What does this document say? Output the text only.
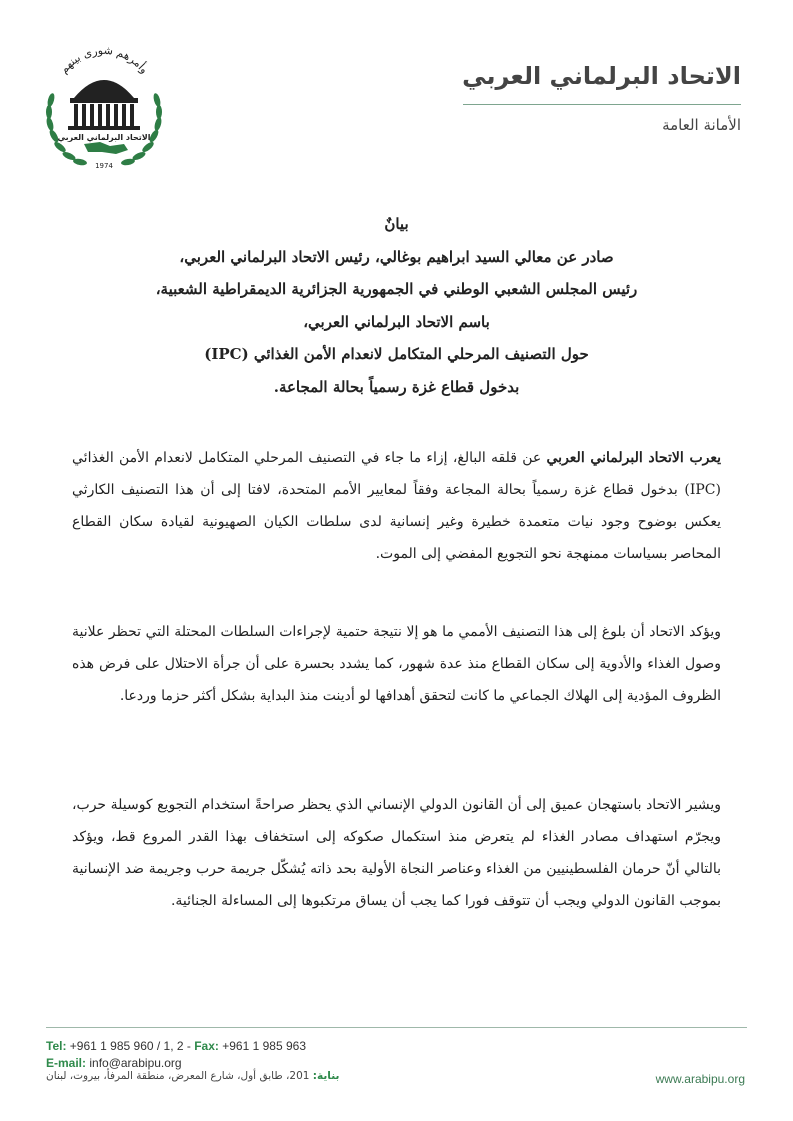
وأمرهم شورى بينهم
الاتحاد البرلماني العربي
1974
الاتحاد البرلماني العربي
الأمانة العامة
بيانٌ
صادر عن معالي السيد ابراهيم بوغالي، رئيس الاتحاد البرلماني العربي،
رئيس المجلس الشعبي الوطني في الجمهورية الجزائرية الديمقراطية الشعبية،
باسم الاتحاد البرلماني العربي،
حول التصنيف المرحلي المتكامل لانعدام الأمن الغذائي (IPC)
بدخول قطاع غزة رسمياً بحالة المجاعة.

يعرب الاتحاد البرلماني العربي عن قلقه البالغ، إزاء ما جاء في التصنيف المرحلي المتكامل لانعدام الأمن الغذائي (IPC) بدخول قطاع غزة رسمياً بحالة المجاعة وفقاً لمعايير الأمم المتحدة، لافتا إلى أن هذا التصنيف الكارثي يعكس بوضوح وجود نيات متعمدة خطيرة وغير إنسانية لدى سلطات الكيان الصهيونية لقيادة سكان القطاع المحاصر بسياسات ممنهجة نحو التجويع المفضي إلى الموت.

ويؤكد الاتحاد أن بلوغ إلى هذا التصنيف الأممي ما هو إلا نتيجة حتمية لإجراءات السلطات المحتلة التي تحظر علانية وصول الغذاء والأدوية إلى سكان القطاع منذ عدة شهور، كما يشدد بحسرة على أن جرأة الاحتلال على فرض هذه الظروف المؤدية إلى الهلاك الجماعي ما كانت لتحقق أهدافها لو أدينت منذ البداية بشكل أكثر حزما وردعا.

ويشير الاتحاد باستهجان عميق إلى أن القانون الدولي الإنساني الذي يحظر صراحةً استخدام التجويع كوسيلة حرب، ويجرّم استهداف مصادر الغذاء لم يتعرض منذ استكمال صكوكه إلى استخفاف بهذا القدر المروع قط، ويؤكد بالتالي أنّ حرمان الفلسطينيين من الغذاء وعناصر النجاة الأولية بحد ذاته يُشكّل جريمة حرب وجريمة ضد الإنسانية بموجب القانون الدولي ويجب أن تتوقف فورا كما يجب أن يساق مرتكبوها إلى المساءلة الجنائية.

Tel: +961 1 985 960 / 1, 2 - Fax: +961 1 985 963
E-mail: info@arabipu.org
بناية: 201، طابق أول، شارع المعرض، منطقة المرفأ، بيروت، لبنان	www.arabipu.org
